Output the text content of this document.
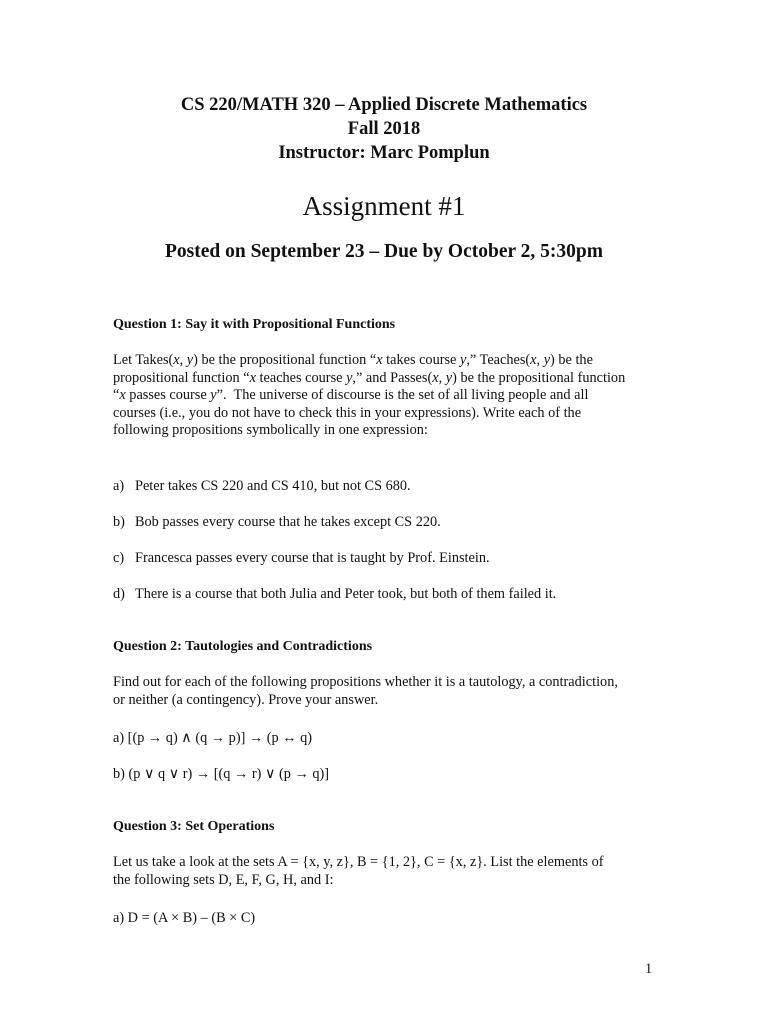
CS 220/MATH 320 – Applied Discrete Mathematics
Fall 2018
Instructor: Marc Pomplun
Assignment #1
Posted on September 23 – Due by October 2, 5:30pm
Question 1: Say it with Propositional Functions
Let Takes(x, y) be the propositional function “x takes course y,” Teaches(x, y) be the
propositional function “x teaches course y,” and Passes(x, y) be the propositional function
“x passes course y”.  The universe of discourse is the set of all living people and all
courses (i.e., you do not have to check this in your expressions). Write each of the
following propositions symbolically in one expression:
a) Peter takes CS 220 and CS 410, but not CS 680.
b) Bob passes every course that he takes except CS 220.
c) Francesca passes every course that is taught by Prof. Einstein.
d) There is a course that both Julia and Peter took, but both of them failed it.
Question 2: Tautologies and Contradictions
Find out for each of the following propositions whether it is a tautology, a contradiction,
or neither (a contingency). Prove your answer.
a) [(p → q) ∧ (q → p)] → (p ↔ q)
b) (p ∨ q ∨ r) → [(q → r) ∨ (p → q)]
Question 3: Set Operations
Let us take a look at the sets A = {x, y, z}, B = {1, 2}, C = {x, z}. List the elements of
the following sets D, E, F, G, H, and I:
a) D = (A × B) – (B × C)
1
